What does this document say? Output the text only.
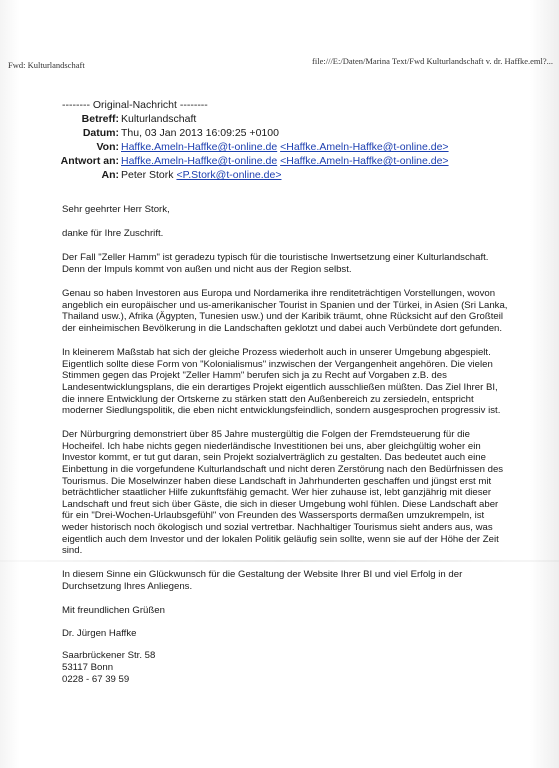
Fwd: Kulturlandschaft	file:///E:/Daten/Marina Text/Fwd Kulturlandschaft v. dr. Haffke.eml?...
-------- Original-Nachricht --------
Betreff: Kulturlandschaft
Datum: Thu, 03 Jan 2013 16:09:25 +0100
Von: Haffke.Ameln-Haffke@t-online.de <Haffke.Ameln-Haffke@t-online.de>
Antwort an: Haffke.Ameln-Haffke@t-online.de <Haffke.Ameln-Haffke@t-online.de>
An: Peter Stork <P.Stork@t-online.de>

Sehr geehrter Herr Stork,

danke für Ihre Zuschrift.

Der Fall "Zeller Hamm" ist geradezu typisch für die touristische Inwertsetzung einer Kulturlandschaft. Denn der Impuls kommt von außen und nicht aus der Region selbst.

Genau so haben Investoren aus Europa und Nordamerika ihre renditeträchtigen Vorstellungen, wovon angeblich ein europäischer und us-amerikanischer Tourist in Spanien und der Türkei, in Asien (Sri Lanka, Thailand usw.), Afrika (Ägypten, Tunesien usw.) und der Karibik träumt, ohne Rücksicht auf den Großteil der einheimischen Bevölkerung in die Landschaften geklotzt und dabei auch Verbündete dort gefunden.

In kleinerem Maßstab hat sich der gleiche Prozess wiederholt auch in unserer Umgebung abgespielt. Eigentlich sollte diese Form von "Kolonialismus" inzwischen der Vergangenheit angehören. Die vielen Stimmen gegen das Projekt "Zeller Hamm" berufen sich ja zu Recht auf Vorgaben z.B. des Landesentwicklungsplans, die ein derartiges Projekt eigentlich ausschließen müßten. Das Ziel Ihrer BI, die innere Entwicklung der Ortskerne zu stärken statt den Außenbereich zu zersiedeln, entspricht moderner Siedlungspolitik, die eben nicht entwicklungsfeindlich, sondern ausgesprochen progressiv ist.

Der Nürburgring demonstriert über 85 Jahre mustergültig die Folgen der Fremdsteuerung für die Hocheifel. Ich habe nichts gegen niederländische Investitionen bei uns, aber gleichgültig woher ein Investor kommt, er tut gut daran, sein Projekt sozialverträglich zu gestalten. Das bedeutet auch eine Einbettung in die vorgefundene Kulturlandschaft und nicht deren Zerstörung nach den Bedürfnissen des Tourismus. Die Moselwinzer haben diese Landschaft in Jahrhunderten geschaffen und jüngst erst mit beträchtlicher staatlicher Hilfe zukunftsfähig gemacht. Wer hier zuhause ist, lebt ganzjährig mit dieser Landschaft und freut sich über Gäste, die sich in dieser Umgebung wohl fühlen. Diese Landschaft aber für ein "Drei-Wochen-Urlaubsgefühl" von Freunden des Wassersports dermaßen umzukrempeln, ist weder historisch noch ökologisch und sozial vertretbar. Nachhaltiger Tourismus sieht anders aus, was eigentlich auch dem Investor und der lokalen Politik geläufig sein sollte, wenn sie auf der Höhe der Zeit sind.

In diesem Sinne ein Glückwunsch für die Gestaltung der Website Ihrer BI und viel Erfolg in der Durchsetzung Ihres Anliegens.

Mit freundlichen Grüßen

Dr. Jürgen Haffke

Saarbrückener Str. 58
53117 Bonn
0228 - 67 39 59
